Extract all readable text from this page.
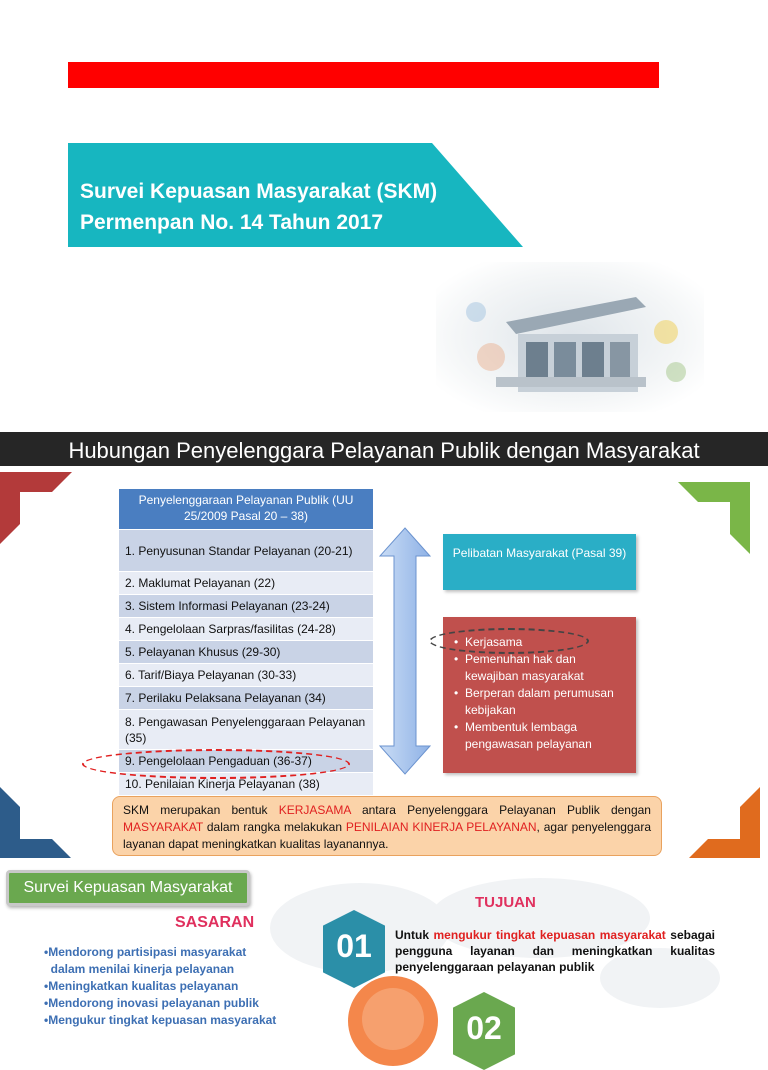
Survei Kepuasan Masyarakat (SKM)
Permenpan No. 14 Tahun 2017
Hubungan Penyelenggara Pelayanan Publik dengan Masyarakat
Penyelenggaraan Pelayanan Publik (UU 25/2009 Pasal 20 – 38)
1. Penyusunan Standar Pelayanan (20-21)
2. Maklumat Pelayanan (22)
3. Sistem Informasi Pelayanan (23-24)
4. Pengelolaan Sarpras/fasilitas (24-28)
5. Pelayanan Khusus (29-30)
6. Tarif/Biaya Pelayanan (30-33)
7. Perilaku Pelaksana Pelayanan (34)
8. Pengawasan Penyelenggaraan Pelayanan (35)
9. Pengelolaan Pengaduan (36-37)
10. Penilaian Kinerja Pelayanan (38)
Pelibatan Masyarakat (Pasal 39)
• Kerjasama
• Pemenuhan hak dan kewajiban masyarakat
• Berperan dalam perumusan kebijakan
• Membentuk lembaga pengawasan pelayanan
SKM merupakan bentuk KERJASAMA antara Penyelenggara Pelayanan Publik dengan MASYARAKAT dalam rangka melakukan PENILAIAN KINERJA PELAYANAN, agar penyelenggara layanan dapat meningkatkan kualitas layanannya.
Survei Kepuasan Masyarakat
SASARAN
•Mendorong partisipasi masyarakat
dalam menilai kinerja pelayanan
•Meningkatkan kualitas pelayanan
•Mendorong inovasi pelayanan publik
•Mengukur tingkat kepuasan masyarakat
TUJUAN
01	Untuk mengukur tingkat kepuasan masyarakat sebagai pengguna layanan dan meningkatkan kualitas penyelenggaraan pelayanan publik
02
